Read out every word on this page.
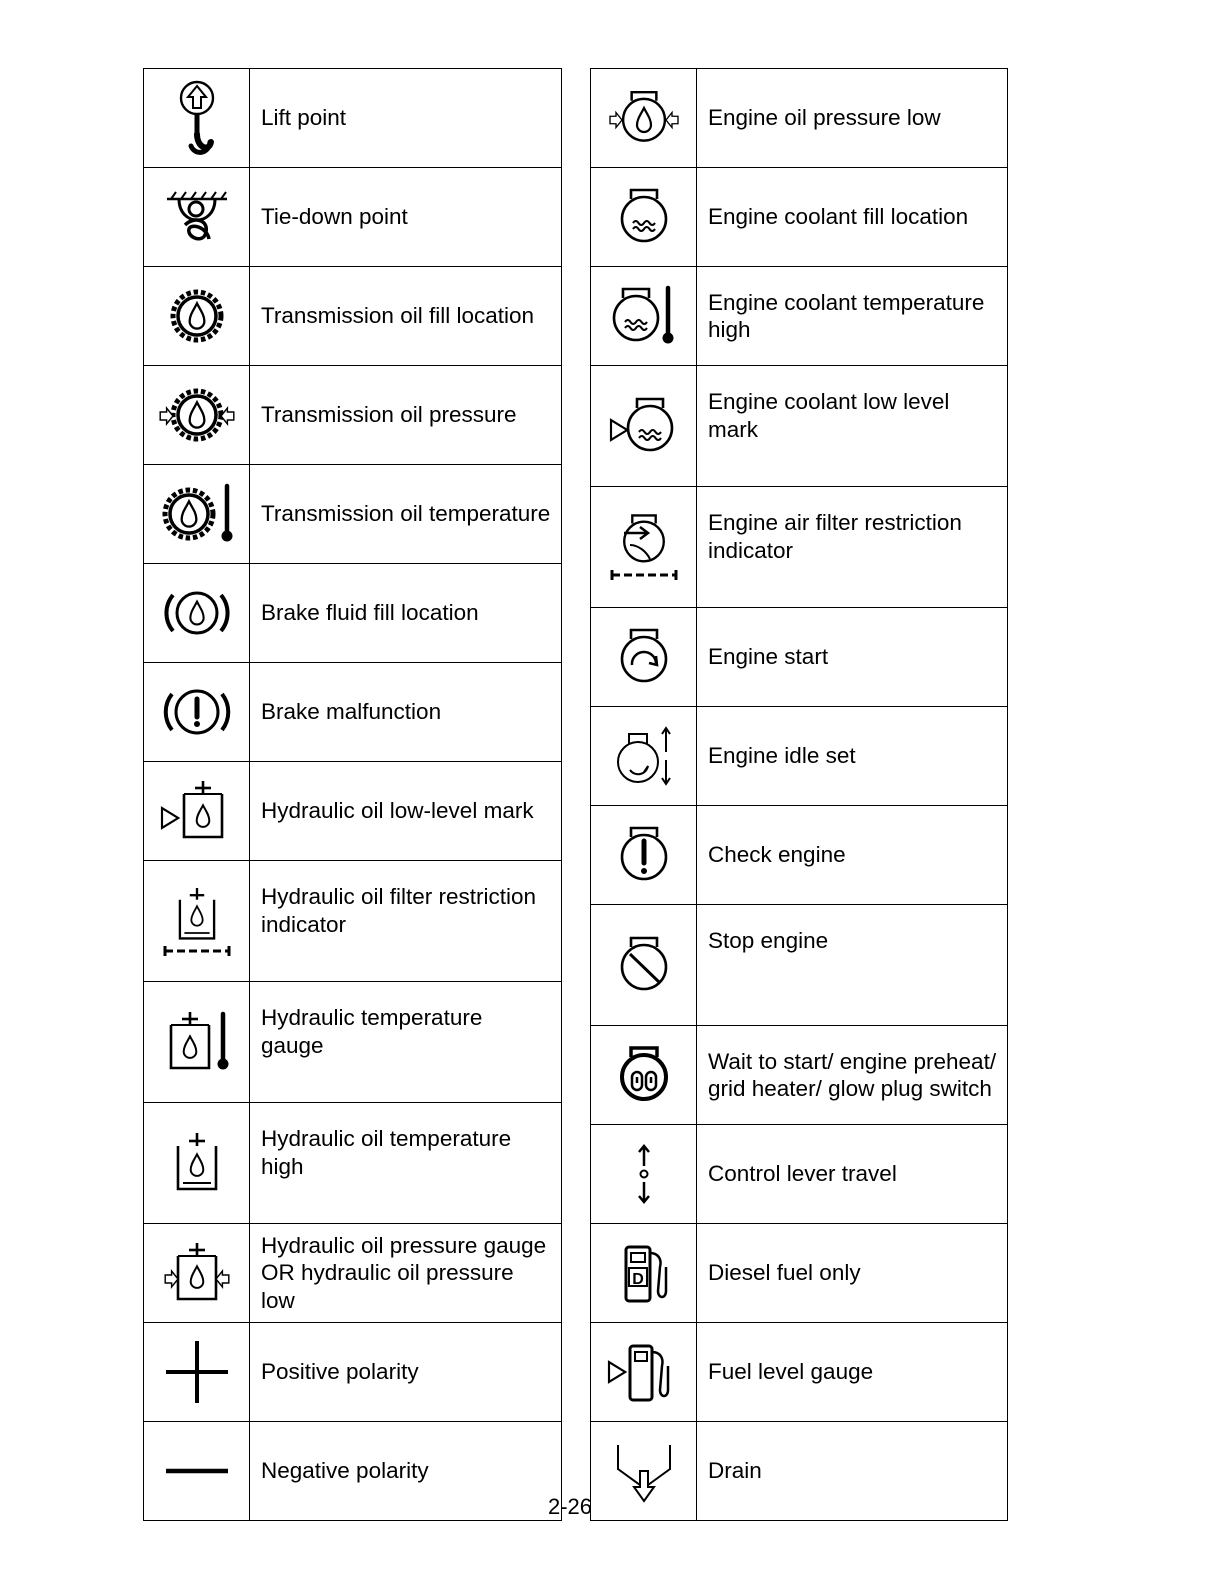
	Lift point

	Tie-down point

	Transmission oil fill location

	Transmission oil pressure

	Transmission oil temperature

	Brake fluid fill location

	Brake malfunction

	Hydraulic oil low-level mark

	Hydraulic oil filter restriction indicator

	Hydraulic temperature gauge

	Hydraulic oil temperature high

	Hydraulic oil pressure gauge OR hydraulic oil pressure low

	Positive polarity

	Negative polarity
	Engine oil pressure low

	Engine coolant fill location

	Engine coolant temperature high

	Engine coolant low level mark

	Engine air filter restriction indicator

	Engine start

	Engine idle set

	Check engine

	Stop engine

	Wait to start/ engine preheat/ grid heater/ glow plug switch

	Control lever travel

D	Diesel fuel only

	Fuel level gauge

	Drain
2-26
